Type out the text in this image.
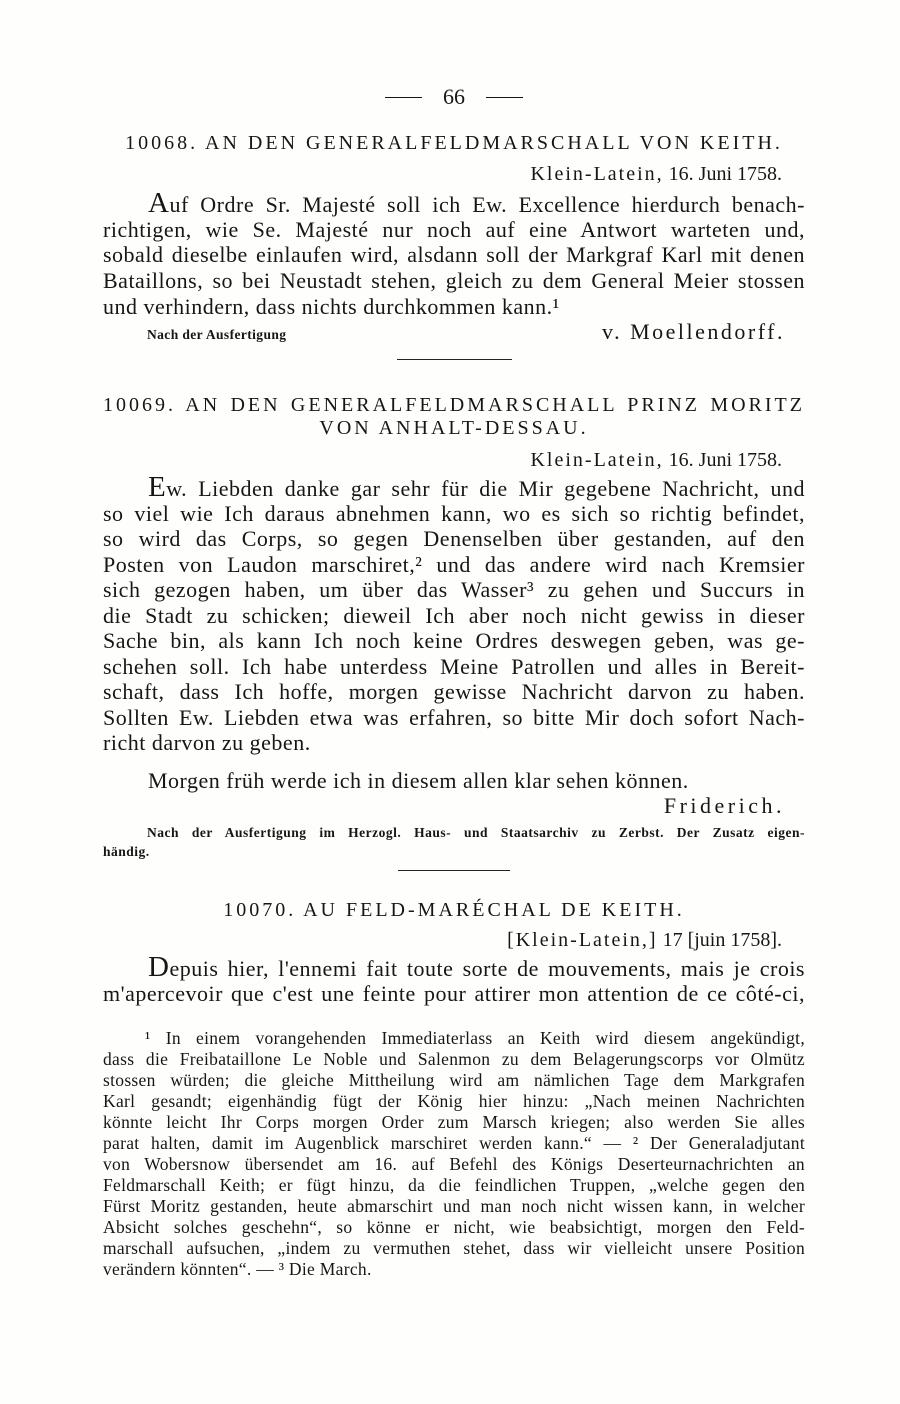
66
10068. AN DEN GENERALFELDMARSCHALL VON KEITH.
Klein-Latein, 16. Juni 1758.
Auf Ordre Sr. Majesté soll ich Ew. Excellence hierdurch benach-
richtigen, wie Se. Majesté nur noch auf eine Antwort warteten und,
sobald dieselbe einlaufen wird, alsdann soll der Markgraf Karl mit denen
Bataillons, so bei Neustadt stehen, gleich zu dem General Meier stossen
und verhindern, dass nichts durchkommen kann.¹
Nach der Ausfertigung	v. Moellendorff.
10069. AN DEN GENERALFELDMARSCHALL PRINZ MORITZ
VON ANHALT-DESSAU.
Klein-Latein, 16. Juni 1758.
Ew. Liebden danke gar sehr für die Mir gegebene Nachricht, und
so viel wie Ich daraus abnehmen kann, wo es sich so richtig befindet,
so wird das Corps, so gegen Denenselben über gestanden, auf den
Posten von Laudon marschiret,² und das andere wird nach Kremsier
sich gezogen haben, um über das Wasser³ zu gehen und Succurs in
die Stadt zu schicken; dieweil Ich aber noch nicht gewiss in dieser
Sache bin, als kann Ich noch keine Ordres deswegen geben, was ge-
schehen soll. Ich habe unterdess Meine Patrollen und alles in Bereit-
schaft, dass Ich hoffe, morgen gewisse Nachricht darvon zu haben.
Sollten Ew. Liebden etwa was erfahren, so bitte Mir doch sofort Nach-
richt darvon zu geben.
Morgen früh werde ich in diesem allen klar sehen können.
Friderich.
Nach der Ausfertigung im Herzogl. Haus- und Staatsarchiv zu Zerbst. Der Zusatz eigen-
händig.
10070. AU FELD-MARÉCHAL DE KEITH.
[Klein-Latein,] 17 [juin 1758].
Depuis hier, l'ennemi fait toute sorte de mouvements, mais je crois
m'apercevoir que c'est une feinte pour attirer mon attention de ce côté-ci,
¹ In einem vorangehenden Immediaterlass an Keith wird diesem angekündigt,
dass die Freibataillone Le Noble und Salenmon zu dem Belagerungscorps vor Olmütz
stossen würden; die gleiche Mittheilung wird am nämlichen Tage dem Markgrafen
Karl gesandt; eigenhändig fügt der König hier hinzu: „Nach meinen Nachrichten
könnte leicht Ihr Corps morgen Order zum Marsch kriegen; also werden Sie alles
parat halten, damit im Augenblick marschiret werden kann.“ — ² Der Generaladjutant
von Wobersnow übersendet am 16. auf Befehl des Königs Deserteurnachrichten an
Feldmarschall Keith; er fügt hinzu, da die feindlichen Truppen, „welche gegen den
Fürst Moritz gestanden, heute abmarschirt und man noch nicht wissen kann, in welcher
Absicht solches geschehn“, so könne er nicht, wie beabsichtigt, morgen den Feld-
marschall aufsuchen, „indem zu vermuthen stehet, dass wir vielleicht unsere Position
verändern könnten“. — ³ Die March.
